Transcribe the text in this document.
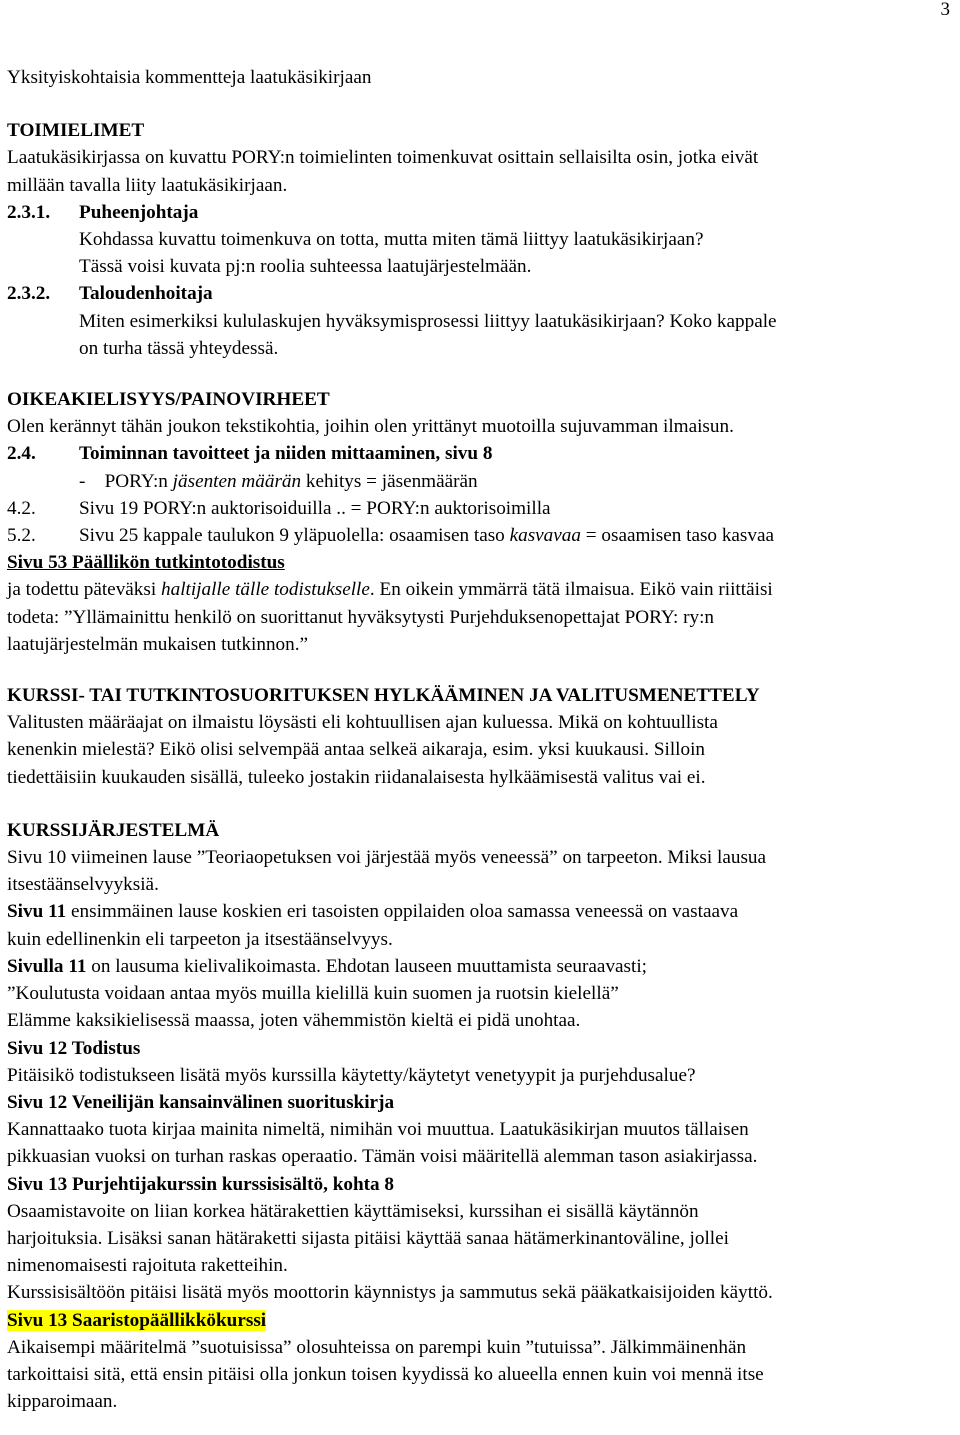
3

Yksityiskohtaisia kommentteja laatukäsikirjaan

TOIMIELIMET

Laatukäsikirjassa on kuvattu PORY:n toimielinten toimenkuvat osittain sellaisilta osin, jotka eivät

millään tavalla liity laatukäsikirjaan.

2.3.1.	Puheenjohtaja

Kohdassa kuvattu toimenkuva on totta, mutta miten tämä liittyy laatukäsikirjaan?

Tässä voisi kuvata pj:n roolia suhteessa laatujärjestelmään.

2.3.2.	Taloudenhoitaja

Miten esimerkiksi kululaskujen hyväksymisprosessi liittyy laatukäsikirjaan? Koko kappale

on turha tässä yhteydessä.

OIKEAKIELISYYS/PAINOVIRHEET

Olen kerännyt tähän joukon tekstikohtia, joihin olen yrittänyt muotoilla sujuvamman ilmaisun.

2.4.	Toiminnan tavoitteet ja niiden mittaaminen, sivu 8

-    PORY:n jäsenten määrän kehitys = jäsenmäärän

4.2.	Sivu 19 PORY:n auktorisoiduilla .. = PORY:n auktorisoimilla
5.2.	Sivu 25 kappale taulukon 9 yläpuolella: osaamisen taso kasvavaa = osaamisen taso kasvaa

Sivu 53 Päällikön tutkintotodistus

ja todettu päteväksi haltijalle tälle todistukselle. En oikein ymmärrä tätä ilmaisua. Eikö vain riittäisi

todeta: ”Yllämainittu henkilö on suorittanut hyväksytysti Purjehduksenopettajat PORY: ry:n

laatujärjestelmän mukaisen tutkinnon.”

KURSSI- TAI TUTKINTOSUORITUKSEN HYLKÄÄMINEN JA VALITUSMENETTELY

Valitusten määräajat on ilmaistu löysästi eli kohtuullisen ajan kuluessa. Mikä on kohtuullista

kenenkin mielestä? Eikö olisi selvempää antaa selkeä aikaraja, esim. yksi kuukausi. Silloin

tiedettäisiin kuukauden sisällä, tuleeko jostakin riidanalaisesta hylkäämisestä valitus vai ei.

KURSSIJÄRJESTELMÄ

Sivu 10 viimeinen lause ”Teoriaopetuksen voi järjestää myös veneessä” on tarpeeton. Miksi lausua

itsestäänselvyyksiä.

Sivu 11 ensimmäinen lause koskien eri tasoisten oppilaiden oloa samassa veneessä on vastaava

kuin edellinenkin eli tarpeeton ja itsestäänselvyys.

Sivulla 11 on lausuma kielivalikoimasta. Ehdotan lauseen muuttamista seuraavasti;

”Koulutusta voidaan antaa myös muilla kielillä kuin suomen ja ruotsin kielellä”

Elämme kaksikielisessä maassa, joten vähemmistön kieltä ei pidä unohtaa.

Sivu 12 Todistus

Pitäisikö todistukseen lisätä myös kurssilla käytetty/käytetyt venetyypit ja purjehdusalue?

Sivu 12 Veneilijän kansainvälinen suorituskirja

Kannattaako tuota kirjaa mainita nimeltä, nimihän voi muuttua. Laatukäsikirjan muutos tällaisen

pikkuasian vuoksi on turhan raskas operaatio. Tämän voisi määritellä alemman tason asiakirjassa.

Sivu 13 Purjehtijakurssin kurssisisältö, kohta 8

Osaamistavoite on liian korkea hätärakettien käyttämiseksi, kurssihan ei sisällä käytännön

harjoituksia. Lisäksi sanan hätäraketti sijasta pitäisi käyttää sanaa hätämerkinantoväline, jollei

nimenomaisesti rajoituta raketteihin.

Kurssisisältöön pitäisi lisätä myös moottorin käynnistys ja sammutus sekä pääkatkaisijoiden käyttö.

Sivu 13 Saaristopäällikkökurssi

Aikaisempi määritelmä ”suotuisissa” olosuhteissa on parempi kuin ”tutuissa”. Jälkimmäinenhän

tarkoittaisi sitä, että ensin pitäisi olla jonkun toisen kyydissä ko alueella ennen kuin voi mennä itse

kipparoimaan.
